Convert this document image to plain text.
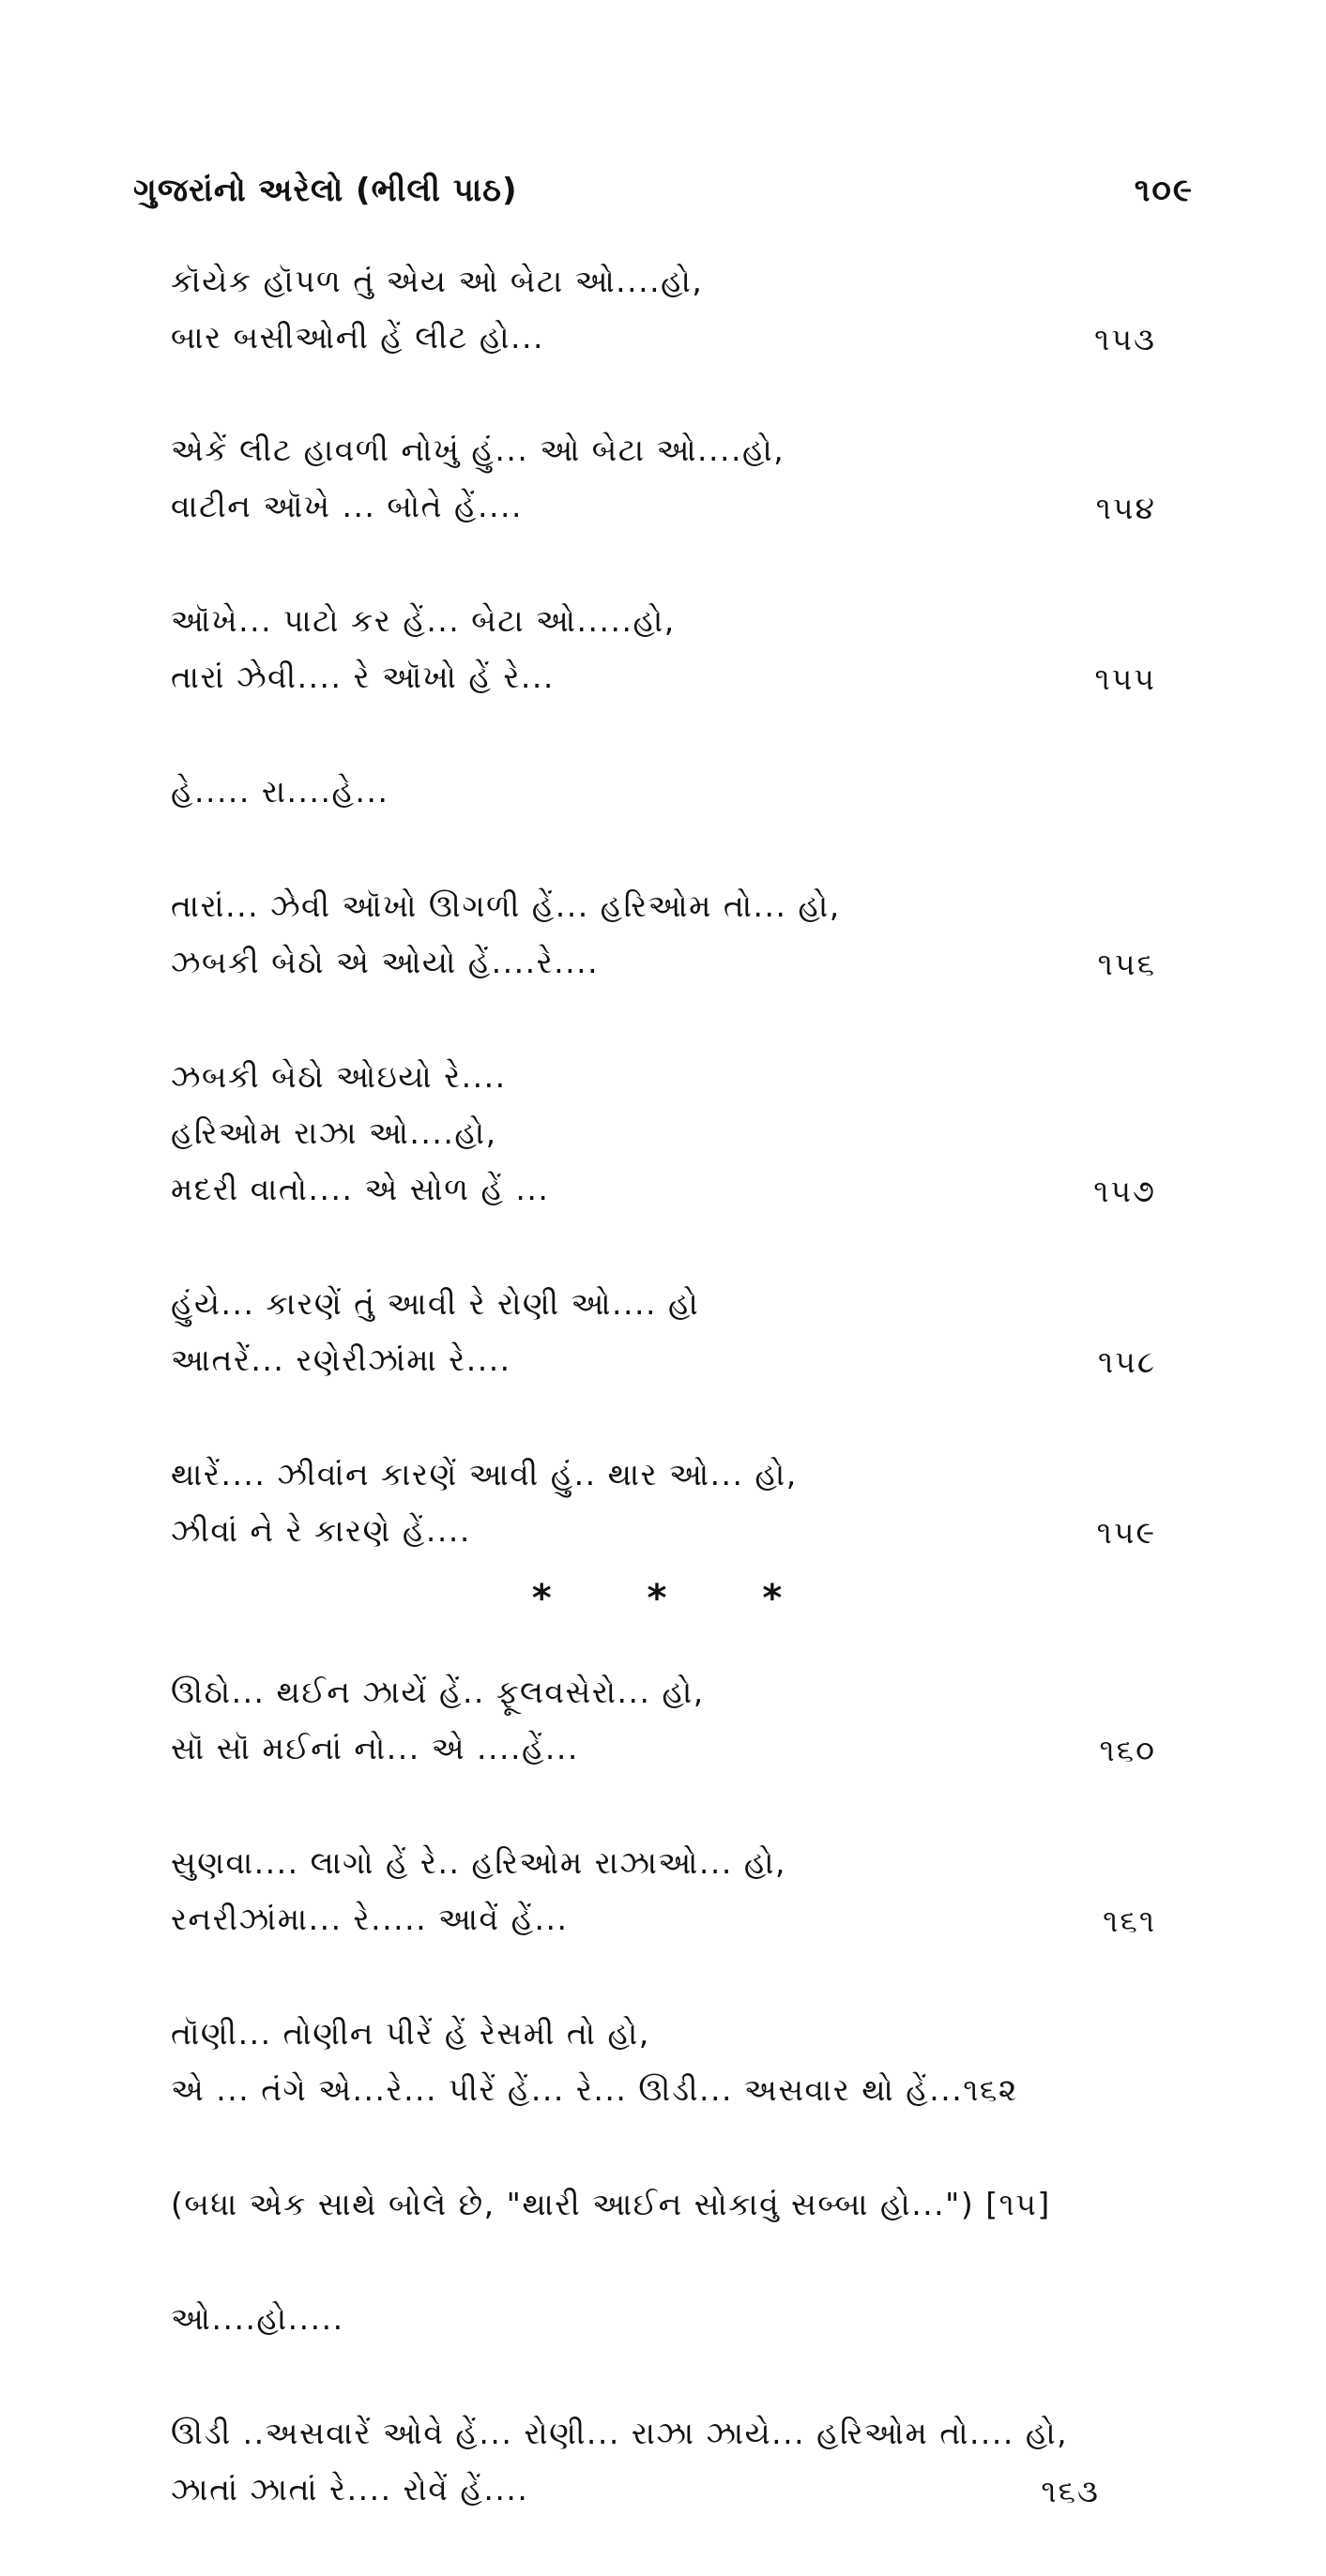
ગુજરાંનો અરેલો (ભીલી પાઠ)	૧૦૯
કૉયેક હૉપળ તું એય ઓ બેટા ઓ....હો,
બાર બસીઓની હેં લીટ હો...	૧૫૩
એકેં લીટ હાવળી નોખું હું... ઓ બેટા ઓ....હો,
વાટીન ઑખે ... બોતે હેં....	૧૫૪
ઑખે... પાટો કર હેં... બેટા ઓ.....હો,
તારાં ઝેવી.... રે ઑખો હેં રે...	૧૫૫
હે..... રા....હે...
તારાં... ઝેવી ઑખો ઊગળી હેં... હરિઓમ તો... હો,
ઝબકી બેઠો એ ઓયો હેં....રે....	૧૫૬
ઝબકી બેઠો ઓઇયો રે....
હરિઓમ રાઝા ઓ....હો,
મદરી વાતો.... એ સોળ હેં ...	૧૫૭
હુંયે... કારણેં તું આવી રે રોણી ઓ.... હો
આતરેં... રણેરીઝાંમા રે....	૧૫૮
થારેં.... ઝીવાંન કારણેં આવી હું.. થાર ઓ... હો,
ઝીવાં ને રે કારણે હેં....	૧૫૯
* * *
ઊઠો... થઈન ઝાયેં હેં.. ફૂલવસેરો... હો,
સૉ સૉ મઈનાં નો... એ ....હેં...	૧૬૦
સુણવા.... લાગો હેં રે.. હરિઓમ રાઝાઓ... હો,
રનરીઝાંમા... રે..... આવેં હેં...	૧૬૧
તૉણી... તોણીન પીરેં હેં રેસમી તો હો,
એ ... તંગે એ...રે... પીરેં હેં... રે... ઊડી... અસવાર થો હેં...૧૬૨
(બધા એક સાથે બોલે છે, "થારી આઈન સોકાવું સબ્બા હો...") [૧૫]
ઓ....હો.....
ઊડી ..અસવારેં ઓવે હેં... રોણી... રાઝા ઝાયે... હરિઓમ તો.... હો,
ઝાતાં ઝાતાં રે.... રોવેં હેં....	૧૬૩
